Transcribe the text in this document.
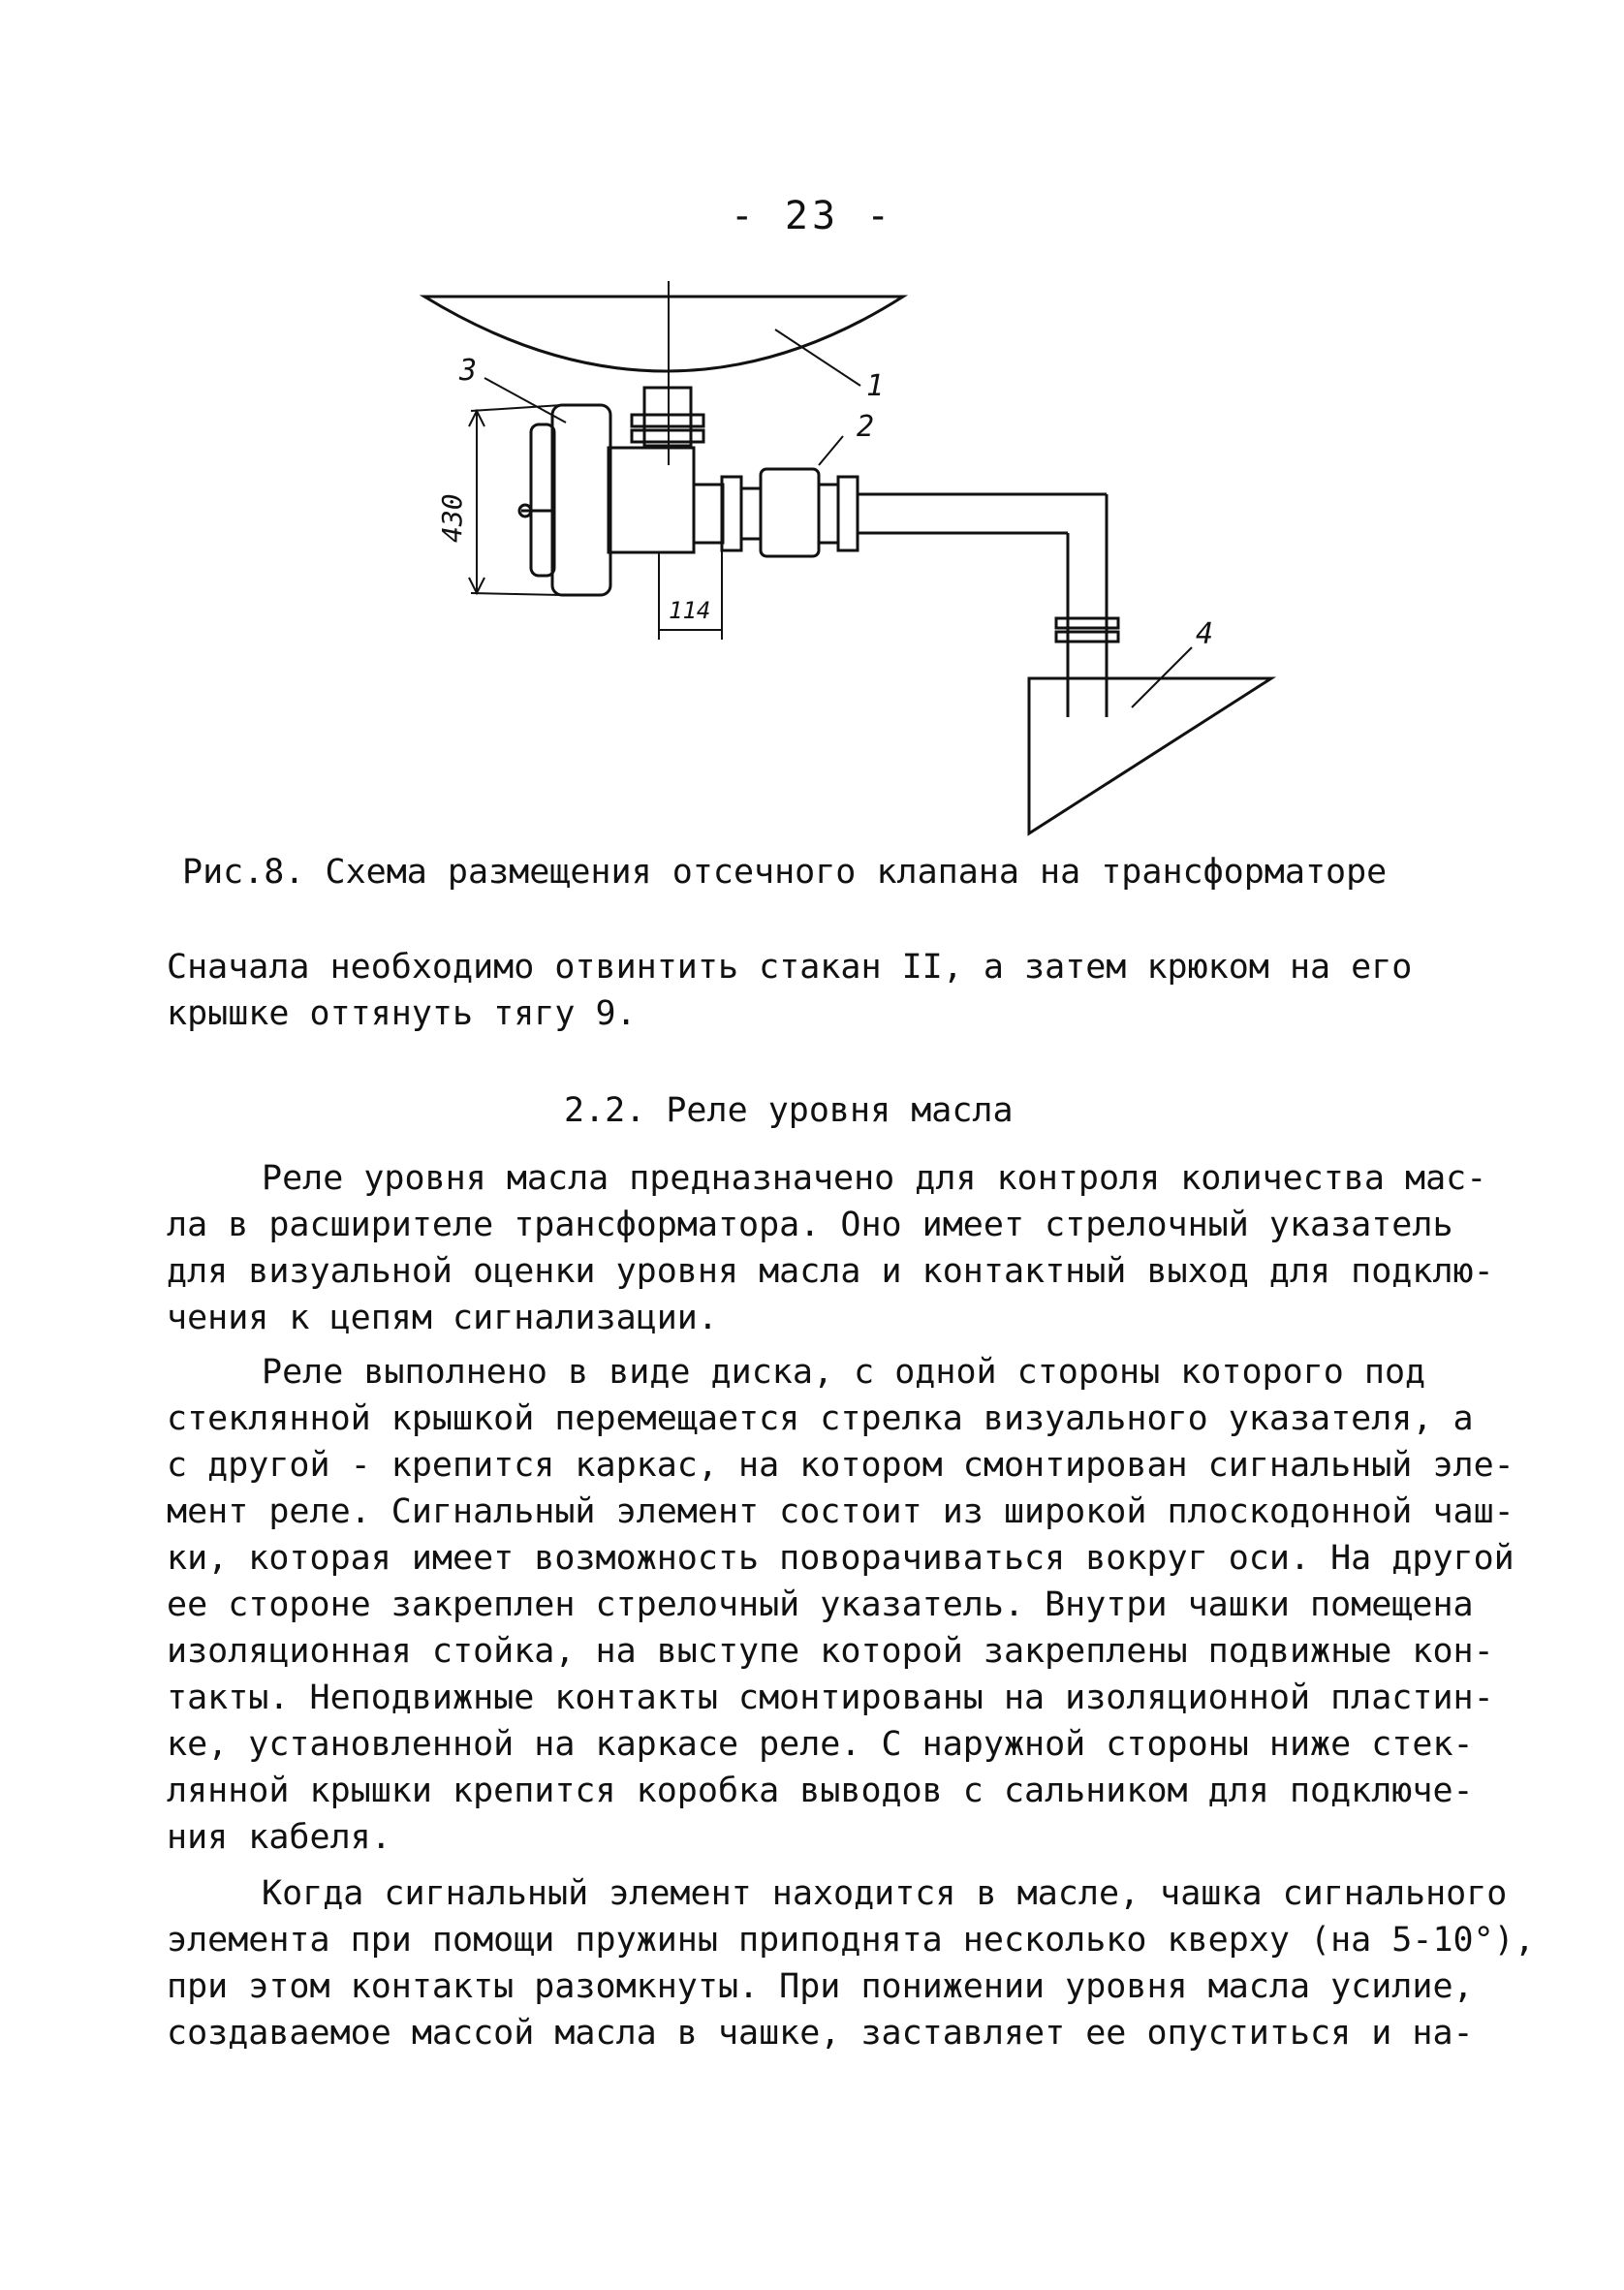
- 23 -
1
2
3
4
430
114
Рис.8. Схема размещения отсечного клапана на трансформаторе
Сначала необходимо отвинтить стакан II, а затем крюком на его
крышке оттянуть тягу 9.
2.2. Реле уровня масла
Реле уровня масла предназначено для контроля количества мас-
ла в расширителе трансформатора. Оно имеет стрелочный указатель
для визуальной оценки уровня масла и контактный выход для подклю-
чения к цепям сигнализации.
Реле выполнено в виде диска, с одной стороны которого под
стеклянной крышкой перемещается стрелка визуального указателя, а
с другой - крепится каркас, на котором смонтирован сигнальный эле-
мент реле. Сигнальный элемент состоит из широкой плоскодонной чаш-
ки, которая имеет возможность поворачиваться вокруг оси. На другой
ее стороне закреплен стрелочный указатель. Внутри чашки помещена
изоляционная стойка, на выступе которой закреплены подвижные кон-
такты. Неподвижные контакты смонтированы на изоляционной пластин-
ке, установленной на каркасе реле. С наружной стороны ниже стек-
лянной крышки крепится коробка выводов с сальником для подключе-
ния кабеля.
Когда сигнальный элемент находится в масле, чашка сигнального
элемента при помощи пружины приподнята несколько кверху (на 5-10°),
при этом контакты разомкнуты. При понижении уровня масла усилие,
создаваемое массой масла в чашке, заставляет ее опуститься и на-
